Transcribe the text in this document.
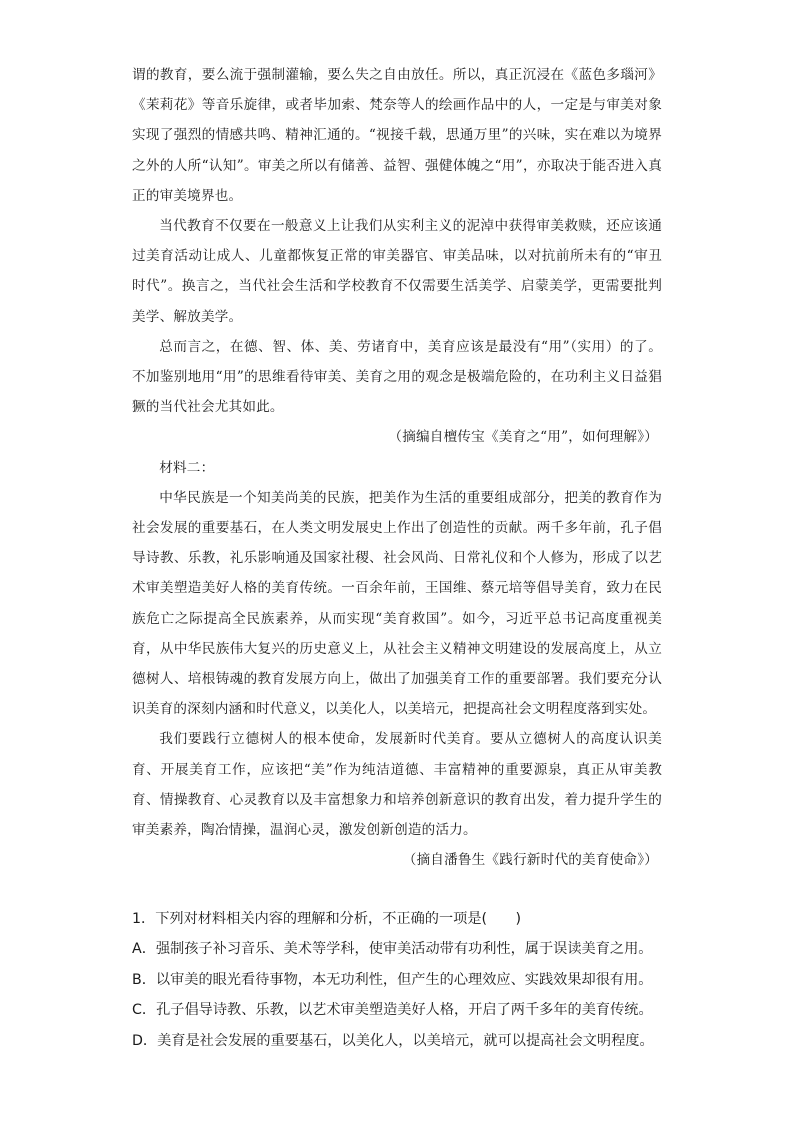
谓的教育，要么流于强制灌输，要么失之自由放任。所以，真正沉浸在《蓝色多瑙河》《茉莉花》等音乐旋律，或者毕加索、梵奈等人的绘画作品中的人，一定是与审美对象实现了强烈的情感共鸣、精神汇通的。“视接千载，思通万里”的兴味，实在难以为境界之外的人所“认知”。审美之所以有储善、益智、强健体魄之“用”，亦取决于能否进入真正的审美境界也。

当代教育不仅要在一般意义上让我们从实利主义的泥淖中获得审美救赎，还应该通过美育活动让成人、儿童都恢复正常的审美器官、审美品味，以对抗前所未有的“审丑时代”。换言之，当代社会生活和学校教育不仅需要生活美学、启蒙美学，更需要批判美学、解放美学。

总而言之，在德、智、体、美、劳诸育中，美育应该是最没有“用”（实用）的了。不加鉴别地用“用”的思维看待审美、美育之用的观念是极端危险的，在功利主义日益猖獗的当代社会尤其如此。

（摘编自檀传宝《美育之“用”，如何理解》）

材料二：

中华民族是一个知美尚美的民族，把美作为生活的重要组成部分，把美的教育作为社会发展的重要基石，在人类文明发展史上作出了创造性的贡献。两千多年前，孔子倡导诗教、乐教，礼乐影响通及国家社稷、社会风尚、日常礼仪和个人修为，形成了以艺术审美塑造美好人格的美育传统。一百余年前，王国维、蔡元培等倡导美育，致力在民族危亡之际提高全民族素养，从而实现“美育救国”。如今，习近平总书记高度重视美育，从中华民族伟大复兴的历史意义上，从社会主义精神文明建设的发展高度上，从立德树人、培根铸魂的教育发展方向上，做出了加强美育工作的重要部署。我们要充分认识美育的深刻内涵和时代意义，以美化人，以美培元，把提高社会文明程度落到实处。

我们要践行立德树人的根本使命，发展新时代美育。要从立德树人的高度认识美育、开展美育工作，应该把“美”作为纯洁道德、丰富精神的重要源泉，真正从审美教育、情操教育、心灵教育以及丰富想象力和培养创新意识的教育出发，着力提升学生的审美素养，陶冶情操，温润心灵，激发创新创造的活力。

（摘自潘鲁生《践行新时代的美育使命》）

1．下列对材料相关内容的理解和分析，不正确的一项是(　　)

A．强制孩子补习音乐、美术等学科，使审美活动带有功利性，属于误读美育之用。

B．以审美的眼光看待事物，本无功利性，但产生的心理效应、实践效果却很有用。

C．孔子倡导诗教、乐教，以艺术审美塑造美好人格，开启了两千多年的美育传统。

D．美育是社会发展的重要基石，以美化人，以美培元，就可以提高社会文明程度。
